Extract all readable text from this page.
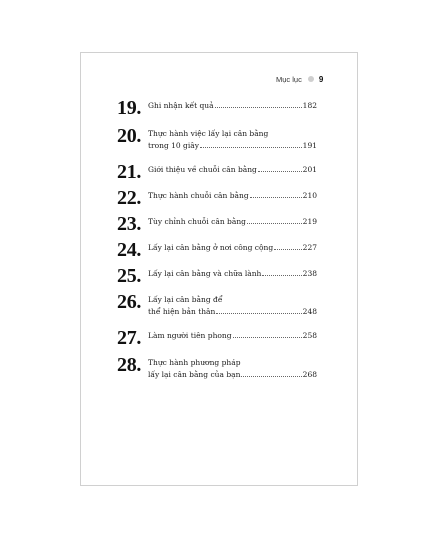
Mục lục 9
19. Ghi nhận kết quả	182
20. Thực hành việc lấy lại cân bằng
trong 10 giây	191
21. Giới thiệu về chuỗi cân bằng	201
22. Thực hành chuỗi cân bằng	210
23. Tùy chỉnh chuỗi cân bằng	219
24. Lấy lại cân bằng ở nơi công cộng	227
25. Lấy lại cân bằng và chữa lành	238
26. Lấy lại cân bằng để
thể hiện bản thân	248
27. Làm người tiên phong	258
28. Thực hành phương pháp
lấy lại cân bằng của bạn	268
